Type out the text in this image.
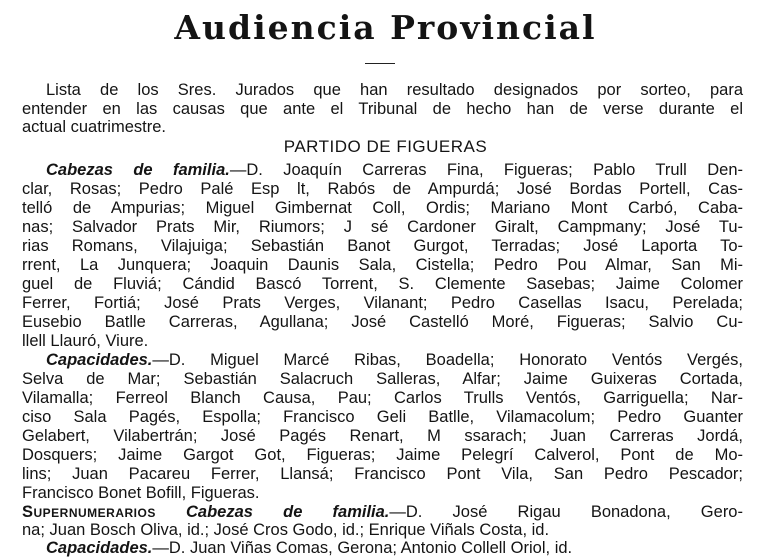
Audiencia Provincial
Lista de los Sres. Jurados que han resultado designados por sorteo, para
entender en las causas que ante el Tribunal de hecho han de verse durante el
actual cuatrimestre.
PARTIDO DE FIGUERAS
Cabezas de familia.—D. Joaquín Carreras Fina, Figueras; Pablo Trull Den-
clar, Rosas; Pedro Palé Esp lt, Rabós de Ampurdá; José Bordas Portell, Cas-
telló de Ampurias; Miguel Gimbernat Coll, Ordis; Mariano Mont Carbó, Caba-
nas; Salvador Prats Mir, Riumors; J sé Cardoner Giralt, Campmany; José Tu-
rias Romans, Vilajuiga; Sebastián Banot Gurgot, Terradas; José Laporta To-
rrent, La Junquera; Joaquin Daunis Sala, Cistella; Pedro Pou Almar, San Mi-
guel de Fluviá; Cándid Bascó Torrent, S. Clemente Sasebas; Jaime Colomer
Ferrer, Fortiá; José Prats Verges, Vilanant; Pedro Casellas Isacu, Perelada;
Eusebio Batlle Carreras, Agullana; José Castelló Moré, Figueras; Salvio Cu-
llell Llauró, Viure.
Capacidades.—D. Miguel Marcé Ribas, Boadella; Honorato Ventós Vergés,
Selva de Mar; Sebastián Salacruch Salleras, Alfar; Jaime Guixeras Cortada,
Vilamalla; Ferreol Blanch Causa, Pau; Carlos Trulls Ventós, Garriguella; Nar-
ciso Sala Pagés, Espolla; Francisco Geli Batlle, Vilamacolum; Pedro Guanter
Gelabert, Vilabertrán; José Pagés Renart, M ssarach; Juan Carreras Jordá,
Dosquers; Jaime Gargot Got, Figueras; Jaime Pelegrí Calverol, Pont de Mo-
lins; Juan Pacareu Ferrer, Llansá; Francisco Pont Vila, San Pedro Pescador;
Francisco Bonet Bofill, Figueras.
Supernumerarios Cabezas de familia.—D. José Rigau Bonadona, Gero-
na; Juan Bosch Oliva, id.; José Cros Godo, id.; Enrique Viñals Costa, id.
Capacidades.—D. Juan Viñas Comas, Gerona; Antonio Collell Oriol, id.
